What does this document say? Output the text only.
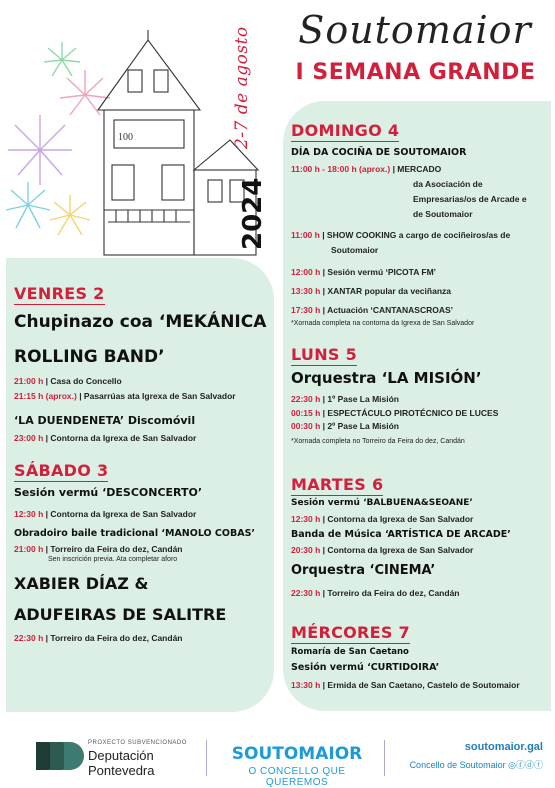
100	2-7 de agosto
2024
Soutomaior
I SEMANA GRANDE
VENRES 2
Chupinazo coa ‘MEKÁNICA
ROLLING BAND’
21:00 h | Casa do Concello
21:15 h (aprox.) | Pasarrúas ata Igrexa de San Salvador
‘LA DUENDENETA’ Discomóvil
23:00 h | Contorna da Igrexa de San Salvador
SÁBADO 3
Sesión vermú ‘DESCONCERTO’
12:30 h | Contorna da Igrexa de San Salvador
Obradoiro baile tradicional ‘MANOLO COBAS’
21:00 h | Torreiro da Feira do dez, Candán
Sen inscrición previa. Ata completar aforo
XABIER DÍAZ &
ADUFEIRAS DE SALITRE
22:30 h | Torreiro da Feira do dez, Candán
DOMINGO 4
DÍA DA COCIÑA DE SOUTOMAIOR
11:00 h - 18:00 h (aprox.) | MERCADO
da Asociación de
Empresarias/os de Arcade e
de Soutomaior
11:00 h | SHOW COOKING a cargo de cociñeiros/as de
Soutomaior
12:00 h | Sesión vermú ‘PICOTA FM’
13:30 h | XANTAR popular da veciñanza
17:30 h | Actuación ‘CANTANASCROAS’
*Xornada completa na contorna da Igrexa de San Salvador
LUNS 5
Orquestra ‘LA MISIÓN’
22:30 h | 1º Pase La Misión
00:15 h | ESPECTÁCULO PIROTÉCNICO DE LUCES
00:30 h | 2º Pase La Misión
*Xornada completa no Torreiro da Feira do dez, Candán
MARTES 6
Sesión vermú ‘BALBUENA&SEOANE’
12:30 h | Contorna da Igrexa de San Salvador
Banda de Música ‘ARTÍSTICA DE ARCADE’
20:30 h | Contorna da Igrexa de San Salvador
Orquestra ‘CINEMA’
22:30 h | Torreiro da Feira do dez, Candán
MÉRCORES 7
Romaría de San Caetano
Sesión vermú ‘CURTIDOIRA’
13:30 h | Ermida de San Caetano, Castelo de Soutomaior
PROXECTO SUBVENCIONADO
Deputación
Pontevedra
SOUTOMAIOR
O CONCELLO QUE QUEREMOS
soutomaior.gal
Concello de Soutomaior ◎ⓕⓓⓣ
